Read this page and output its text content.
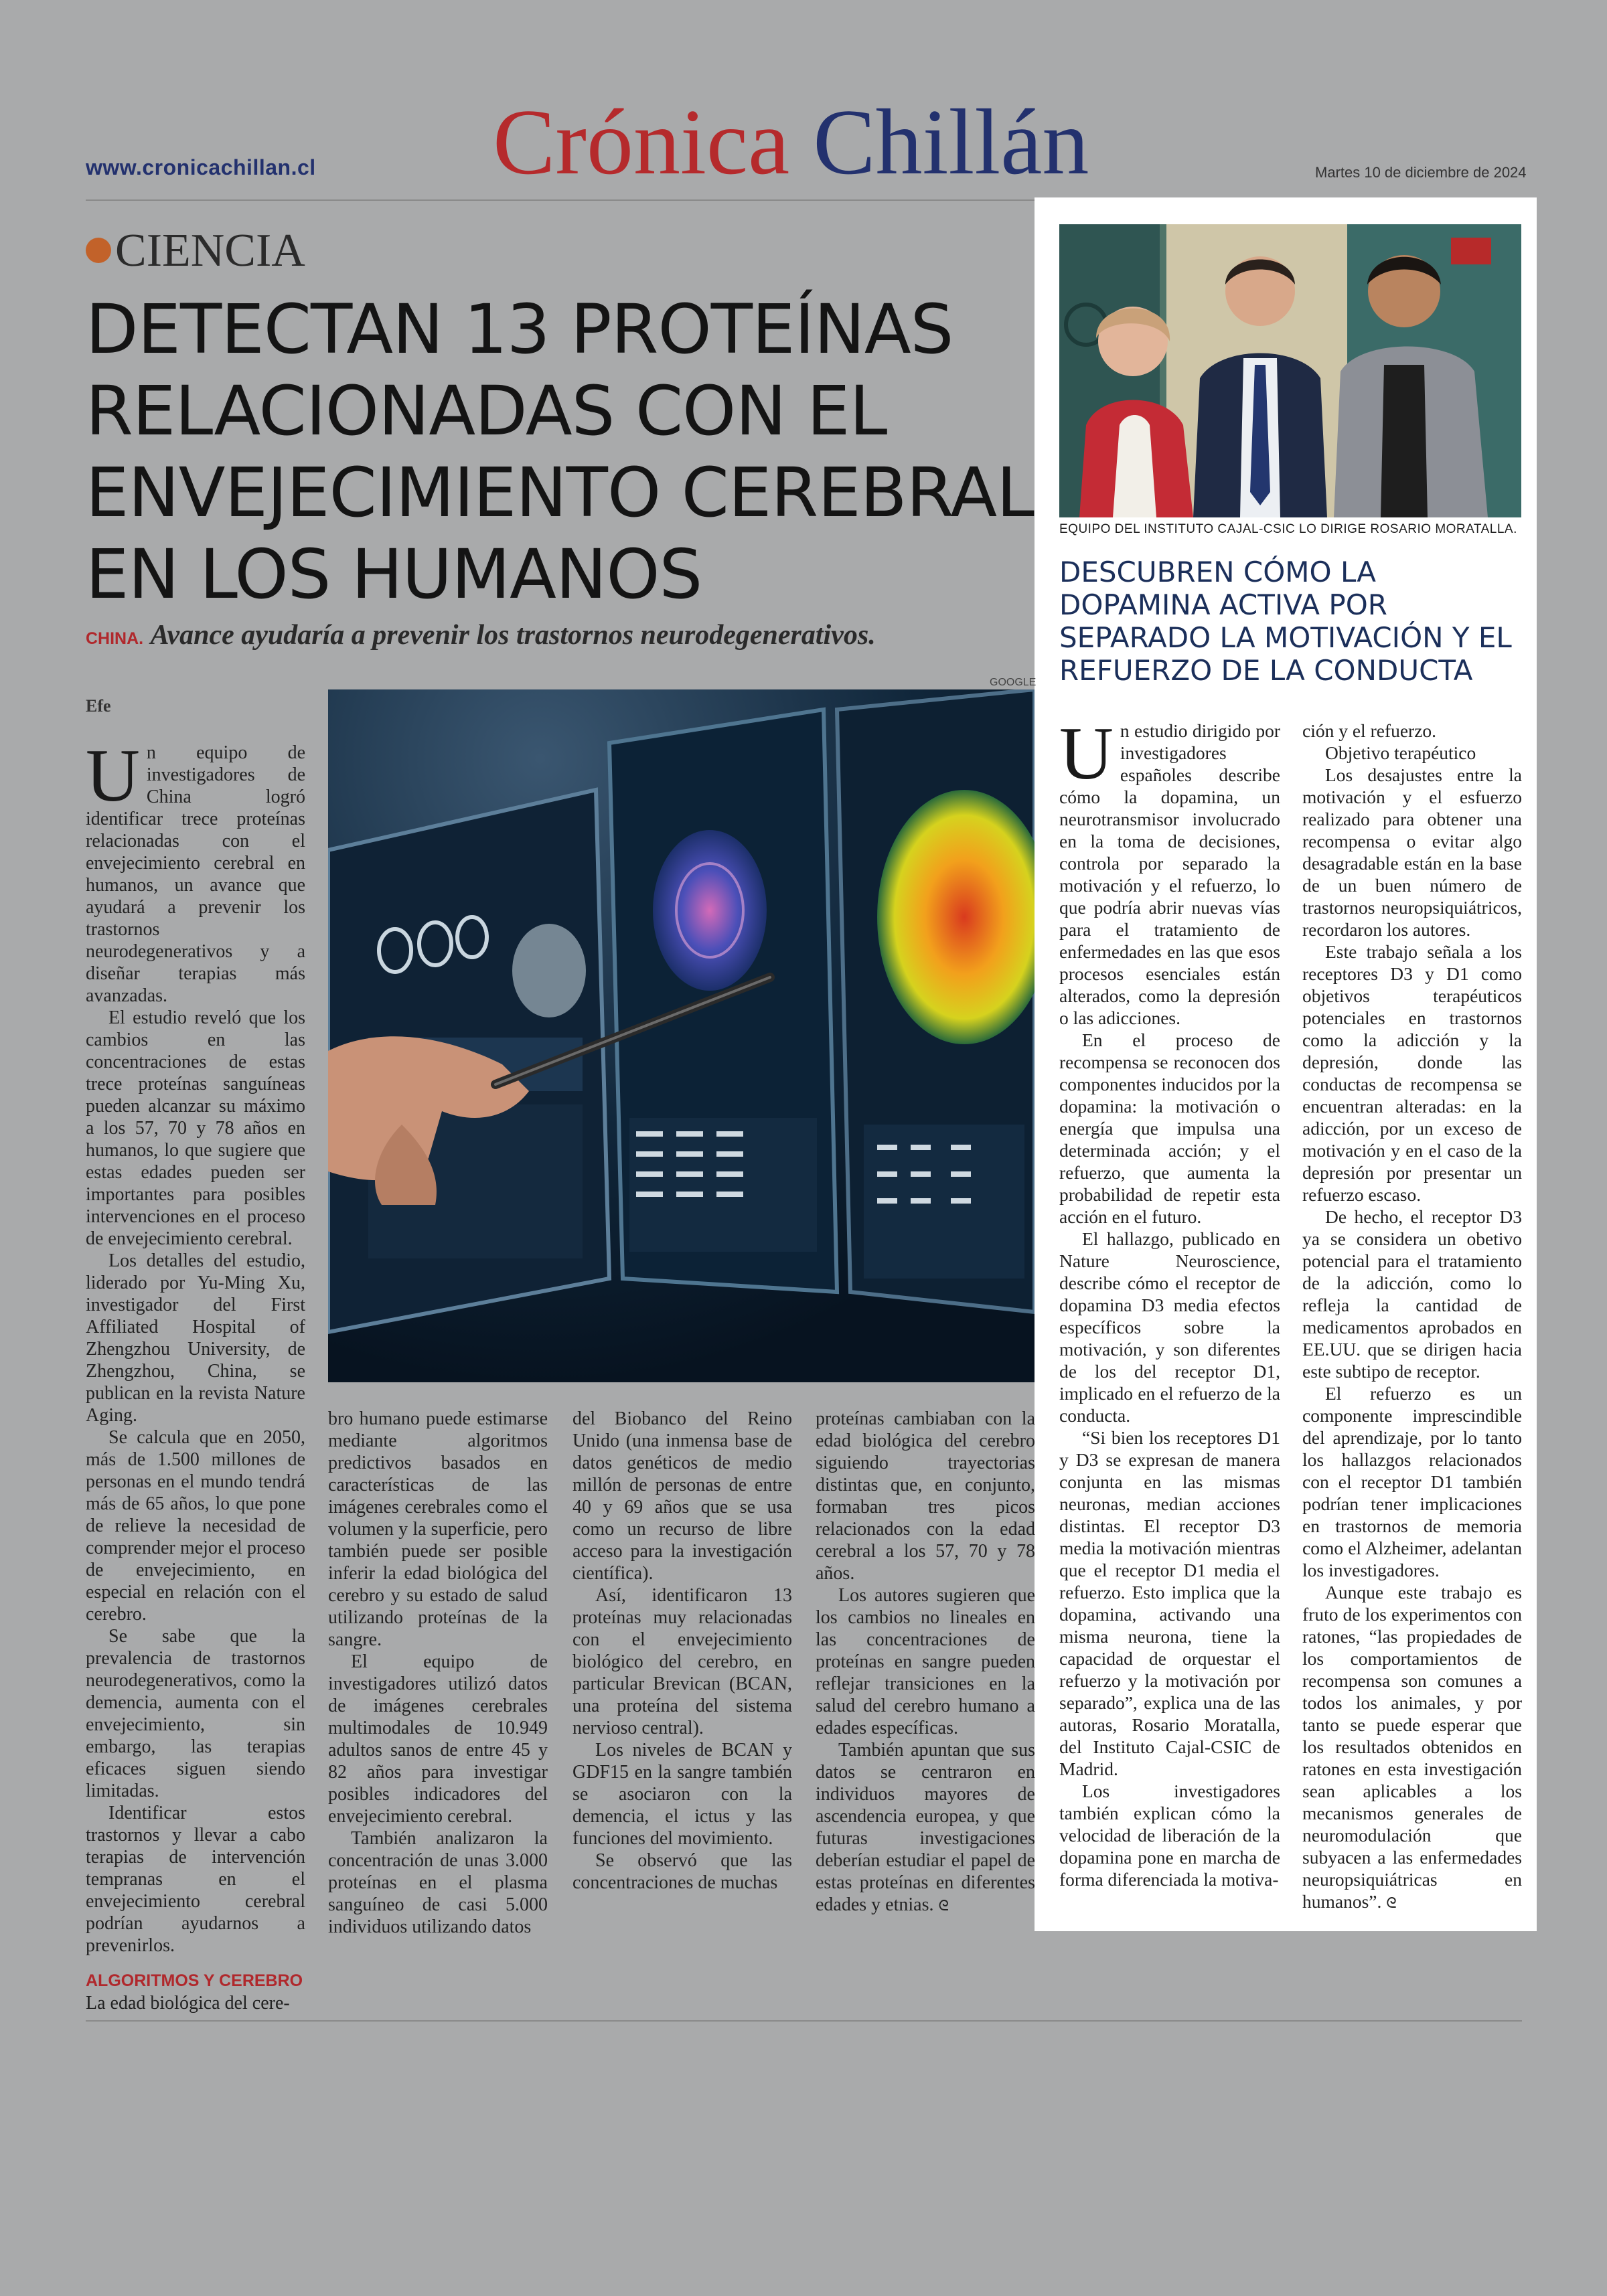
www.cronicachillan.cl Crónica Chillán	Martes 10 de diciembre de 2024
CIENCIA
DETECTAN 13 PROTEÍNAS RELACIONADAS CON EL ENVEJECIMIENTO CEREBRAL EN LOS HUMANOS
CHINA. Avance ayudaría a prevenir los trastornos neurodegenerativos.
GOOGLE
Efe

Un equipo de investigadores de China logró identificar trece proteínas relacionadas con el envejecimiento cerebral en humanos, un avance que ayudará a prevenir los trastornos neurodegenerativos y a diseñar terapias más avanzadas.

El estudio reveló que los cambios en las concentraciones de estas trece proteínas sanguíneas pueden alcanzar su máximo a los 57, 70 y 78 años en humanos, lo que sugiere que estas edades pueden ser importantes para posibles intervenciones en el proceso de envejecimiento cerebral.

Los detalles del estudio, liderado por Yu-Ming Xu, investigador del First Affiliated Hospital of Zhengzhou University, de Zhengzhou, China, se publican en la revista Nature Aging.

Se calcula que en 2050, más de 1.500 millones de personas en el mundo tendrá más de 65 años, lo que pone de relieve la necesidad de comprender mejor el proceso de envejecimiento, en especial en relación con el cerebro.

Se sabe que la prevalencia de trastornos neurodegenerativos, como la demencia, aumenta con el envejecimiento, sin embargo, las terapias eficaces siguen siendo limitadas.

Identificar estos trastornos y llevar a cabo terapias de intervención tempranas en el envejecimiento cerebral podrían ayudarnos a prevenirlos.

ALGORITMOS Y CEREBRO

La edad biológica del cere-

bro humano puede estimarse mediante algoritmos predictivos basados en características de las imágenes cerebrales como el volumen y la superficie, pero también puede ser posible inferir la edad biológica del cerebro y su estado de salud utilizando proteínas de la sangre.

El equipo de investigadores utilizó datos de imágenes cerebrales multimodales de 10.949 adultos sanos de entre 45 y 82 años para investigar posibles indicadores del envejecimiento cerebral.

También analizaron la concentración de unas 3.000 proteínas en el plasma sanguíneo de casi 5.000 individuos utilizando datos

del Biobanco del Reino Unido (una inmensa base de datos genéticos de medio millón de personas de entre 40 y 69 años que se usa como un recurso de libre acceso para la investigación científica).

Así, identificaron 13 proteínas muy relacionadas con el envejecimiento biológico del cerebro, en particular Brevican (BCAN, una proteína del sistema nervioso central).

Los niveles de BCAN y GDF15 en la sangre también se asociaron con la demencia, el ictus y las funciones del movimiento.

Se observó que las concentraciones de muchas

proteínas cambiaban con la edad biológica del cerebro siguiendo trayectorias distintas que, en conjunto, formaban tres picos relacionados con la edad cerebral a los 57, 70 y 78 años.

Los autores sugieren que los cambios no lineales en las concentraciones de proteínas en sangre pueden reflejar transiciones en la salud del cerebro humano a edades específicas.

También apuntan que sus datos se centraron en individuos mayores de ascendencia europea, y que futuras investigaciones deberían estudiar el papel de estas proteínas en diferentes edades y etnias. ᘓ

EQUIPO DEL INSTITUTO CAJAL-CSIC LO DIRIGE ROSARIO MORATALLA.
DESCUBREN CÓMO LA DOPAMINA ACTIVA POR SEPARADO LA MOTIVACIÓN Y EL REFUERZO DE LA CONDUCTA

Un estudio dirigido por investigadores españoles describe cómo la dopamina, un neurotransmisor involucrado en la toma de decisiones, controla por separado la motivación y el refuerzo, lo que podría abrir nuevas vías para el tratamiento de enfermedades en las que esos procesos esenciales están alterados, como la depresión o las adicciones.

En el proceso de recompensa se reconocen dos componentes inducidos por la dopamina: la motivación o energía que impulsa una determinada acción; y el refuerzo, que aumenta la probabilidad de repetir esta acción en el futuro.

El hallazgo, publicado en Nature Neuroscience, describe cómo el receptor de dopamina D3 media efectos específicos sobre la motivación, y son diferentes de los del receptor D1, implicado en el refuerzo de la conducta.

“Si bien los receptores D1 y D3 se expresan de manera conjunta en las mismas neuronas, median acciones distintas. El receptor D3 media la motivación mientras que el receptor D1 media el refuerzo. Esto implica que la dopamina, activando una misma neurona, tiene la capacidad de orquestar el refuerzo y la motivación por separado”, explica una de las autoras, Rosario Moratalla, del Instituto Cajal-CSIC de Madrid.

Los investigadores también explican cómo la velocidad de liberación de la dopamina pone en marcha de forma diferenciada la motiva-

ción y el refuerzo.

Objetivo terapéutico

Los desajustes entre la motivación y el esfuerzo realizado para obtener una recompensa o evitar algo desagradable están en la base de un buen número de trastornos neuropsiquiátricos, recordaron los autores.

Este trabajo señala a los receptores D3 y D1 como objetivos terapéuticos potenciales en trastornos como la adicción y la depresión, donde las conductas de recompensa se encuentran alteradas: en la adicción, por un exceso de motivación y en el caso de la depresión por presentar un refuerzo escaso.

De hecho, el receptor D3 ya se considera un obetivo potencial para el tratamiento de la adicción, como lo refleja la cantidad de medicamentos aprobados en EE.UU. que se dirigen hacia este subtipo de receptor.

El refuerzo es un componente imprescindible del aprendizaje, por lo tanto los hallazgos relacionados con el receptor D1 también podrían tener implicaciones en trastornos de memoria como el Alzheimer, adelantan los investigadores.

Aunque este trabajo es fruto de los experimentos con ratones, “las propiedades de los comportamientos de recompensa son comunes a todos los animales, y por tanto se puede esperar que los resultados obtenidos en ratones en esta investigación sean aplicables a los mecanismos generales de neuromodulación que subyacen a las enfermedades neuropsiquiátricas en humanos”. ᘓ
